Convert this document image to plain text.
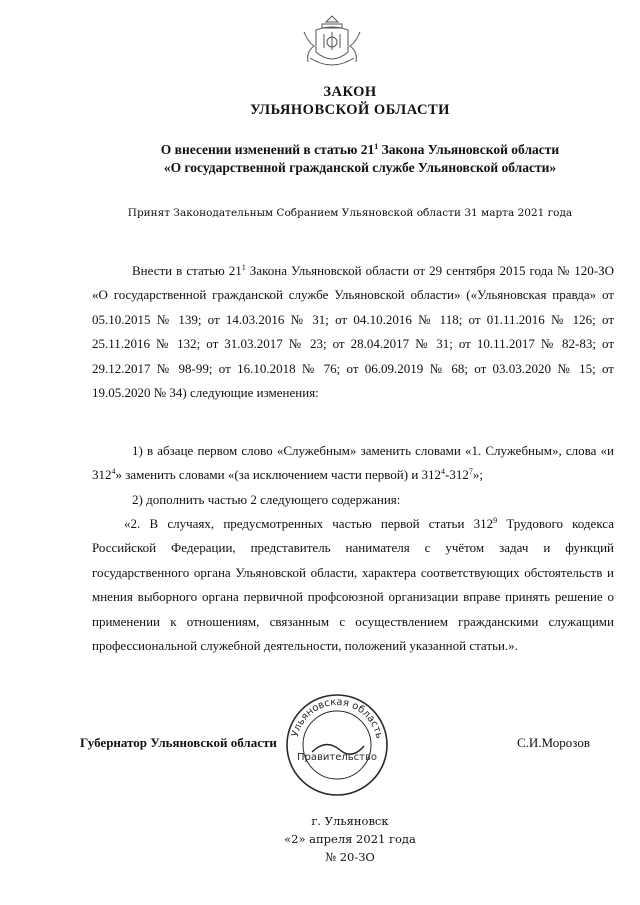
ЗАКОН
УЛЬЯНОВСКОЙ ОБЛАСТИ
О внесении изменений в статью $21^1$ Закона Ульяновской области
«О государственной гражданской службе Ульяновской области»
Принят Законодательным Собранием Ульяновской области 31 марта 2021 года
Внести в статью $21^1$ Закона Ульяновской области от 29 сентября 2015 года № 120-ЗО «О государственной гражданской службе Ульяновской области» («Ульяновская правда» от 05.10.2015 № 139; от 14.03.2016 № 31; от 04.10.2016 № 118; от 01.11.2016 № 126; от 25.11.2016 № 132; от 31.03.2017 № 23; от 28.04.2017 № 31; от 10.11.2017 № 82-83; от 29.12.2017 № 98-99; от 16.10.2018 № 76; от 06.09.2019 № 68; от 03.03.2020 № 15; от 19.05.2020 № 34) следующие изменения:
1) в абзаце первом слово «Служебным» заменить словами «1. Служебным», слова «и $312^4$» заменить словами «(за исключением части первой) и $312^4-312^7$»;
2) дополнить частью 2 следующего содержания:
«2. В случаях, предусмотренных частью первой статьи $312^9$ Трудового кодекса Российской Федерации, представитель нанимателя с учётом задач и функций государственного органа Ульяновской области, характера соответствующих обстоятельств и мнения выборного органа первичной профсоюзной организации вправе принять решение о применении к отношениям, связанным с осуществлением гражданскими служащими профессиональной служебной деятельности, положений указанной статьи.».
Губернатор Ульяновской области	С.И.Морозов
Ульяновская область
Правительство
г. Ульяновск
«2» апреля 2021 года
№ 20-ЗО
